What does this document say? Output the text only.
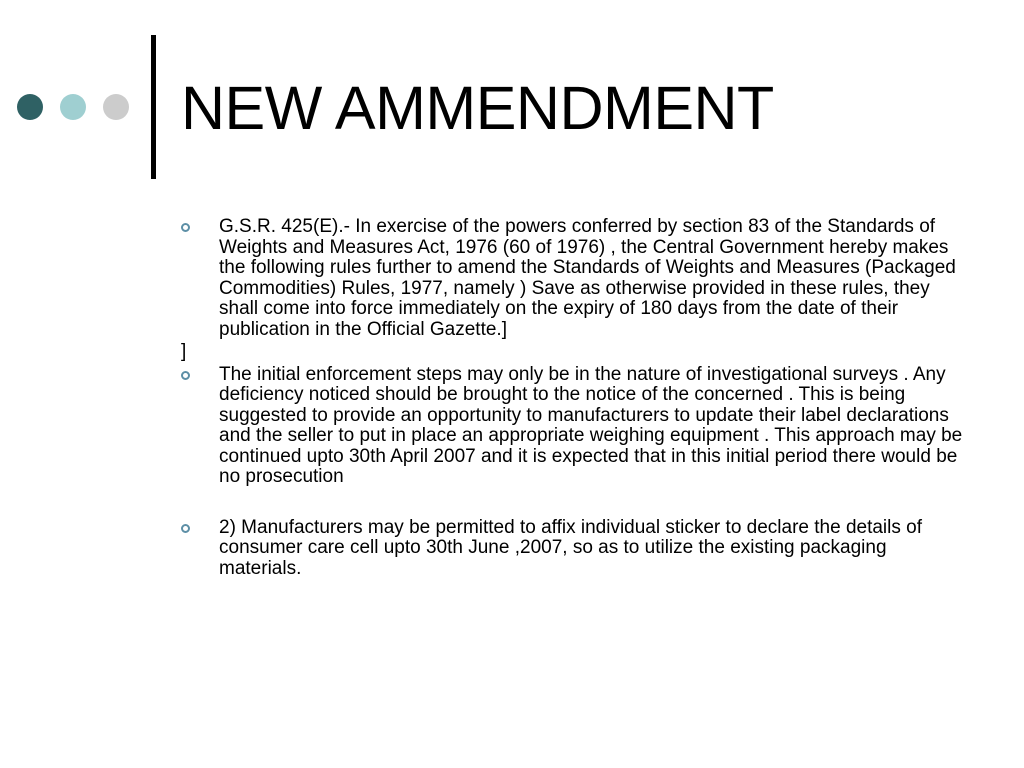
NEW AMMENDMENT

G.S.R. 425(E).- In exercise of the powers conferred by section 83 of the Standards of Weights and Measures Act, 1976 (60 of 1976) , the Central Government hereby makes the following rules further to amend the Standards of Weights and Measures (Packaged Commodities) Rules, 1977, namely ) Save as otherwise provided in these rules, they shall come into force immediately on the expiry of 180 days from the date of their publication in the Official Gazette.]

]

The initial enforcement steps may only be in the nature of investigational surveys . Any deficiency noticed should be brought to the notice of the concerned . This is being suggested to provide an opportunity to manufacturers to update their label declarations and the seller to put in place an appropriate weighing equipment . This approach may be continued upto 30th April 2007 and it is expected that in this initial period there would be no prosecution

2) Manufacturers may be permitted to affix individual sticker to declare the details of consumer care cell upto 30th June ,2007, so as to utilize the existing packaging materials.
